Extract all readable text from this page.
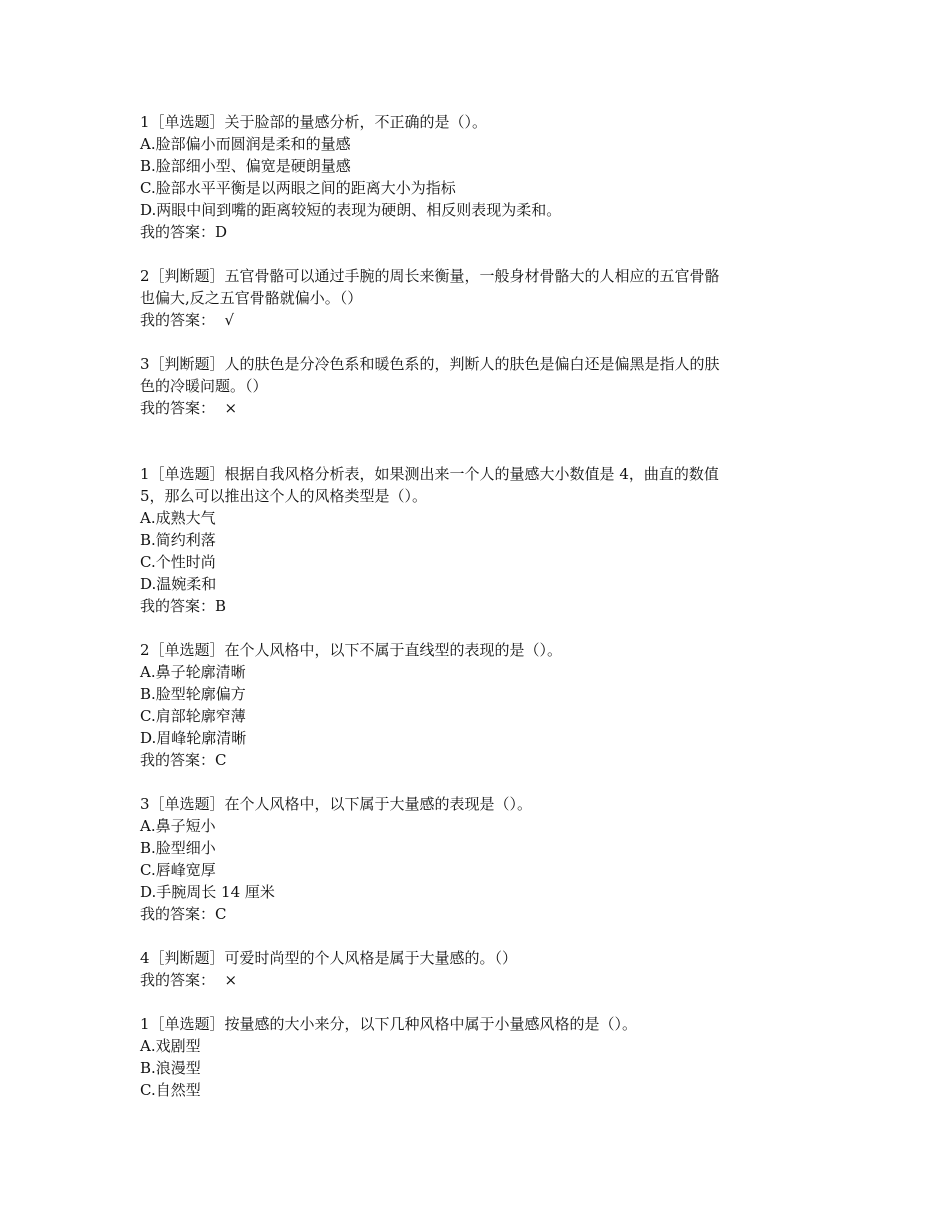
1［单选题］关于脸部的量感分析，不正确的是（）。
A.脸部偏小而圆润是柔和的量感
B.脸部细小型、偏宽是硬朗量感
C.脸部水平平衡是以两眼之间的距离大小为指标
D.两眼中间到嘴的距离较短的表现为硬朗、相反则表现为柔和。
我的答案：D
2［判断题］五官骨骼可以通过手腕的周长来衡量，一般身材骨骼大的人相应的五官骨骼
也偏大,反之五官骨骼就偏小。（）
我的答案：  √
3［判断题］人的肤色是分冷色系和暖色系的，判断人的肤色是偏白还是偏黑是指人的肤
色的冷暖问题。（）
我的答案：  ×
1［单选题］根据自我风格分析表，如果测出来一个人的量感大小数值是 4，曲直的数值
5，那么可以推出这个人的风格类型是（）。
A.成熟大气
B.简约利落
C.个性时尚
D.温婉柔和
我的答案：B
2［单选题］在个人风格中，以下不属于直线型的表现的是（）。
A.鼻子轮廓清晰
B.脸型轮廓偏方
C.肩部轮廓窄薄
D.眉峰轮廓清晰
我的答案：C
3［单选题］在个人风格中，以下属于大量感的表现是（）。
A.鼻子短小
B.脸型细小
C.唇峰宽厚
D.手腕周长 14 厘米
我的答案：C
4［判断题］可爱时尚型的个人风格是属于大量感的。（）
我的答案：  ×
1［单选题］按量感的大小来分，以下几种风格中属于小量感风格的是（）。
A.戏剧型
B.浪漫型
C.自然型
